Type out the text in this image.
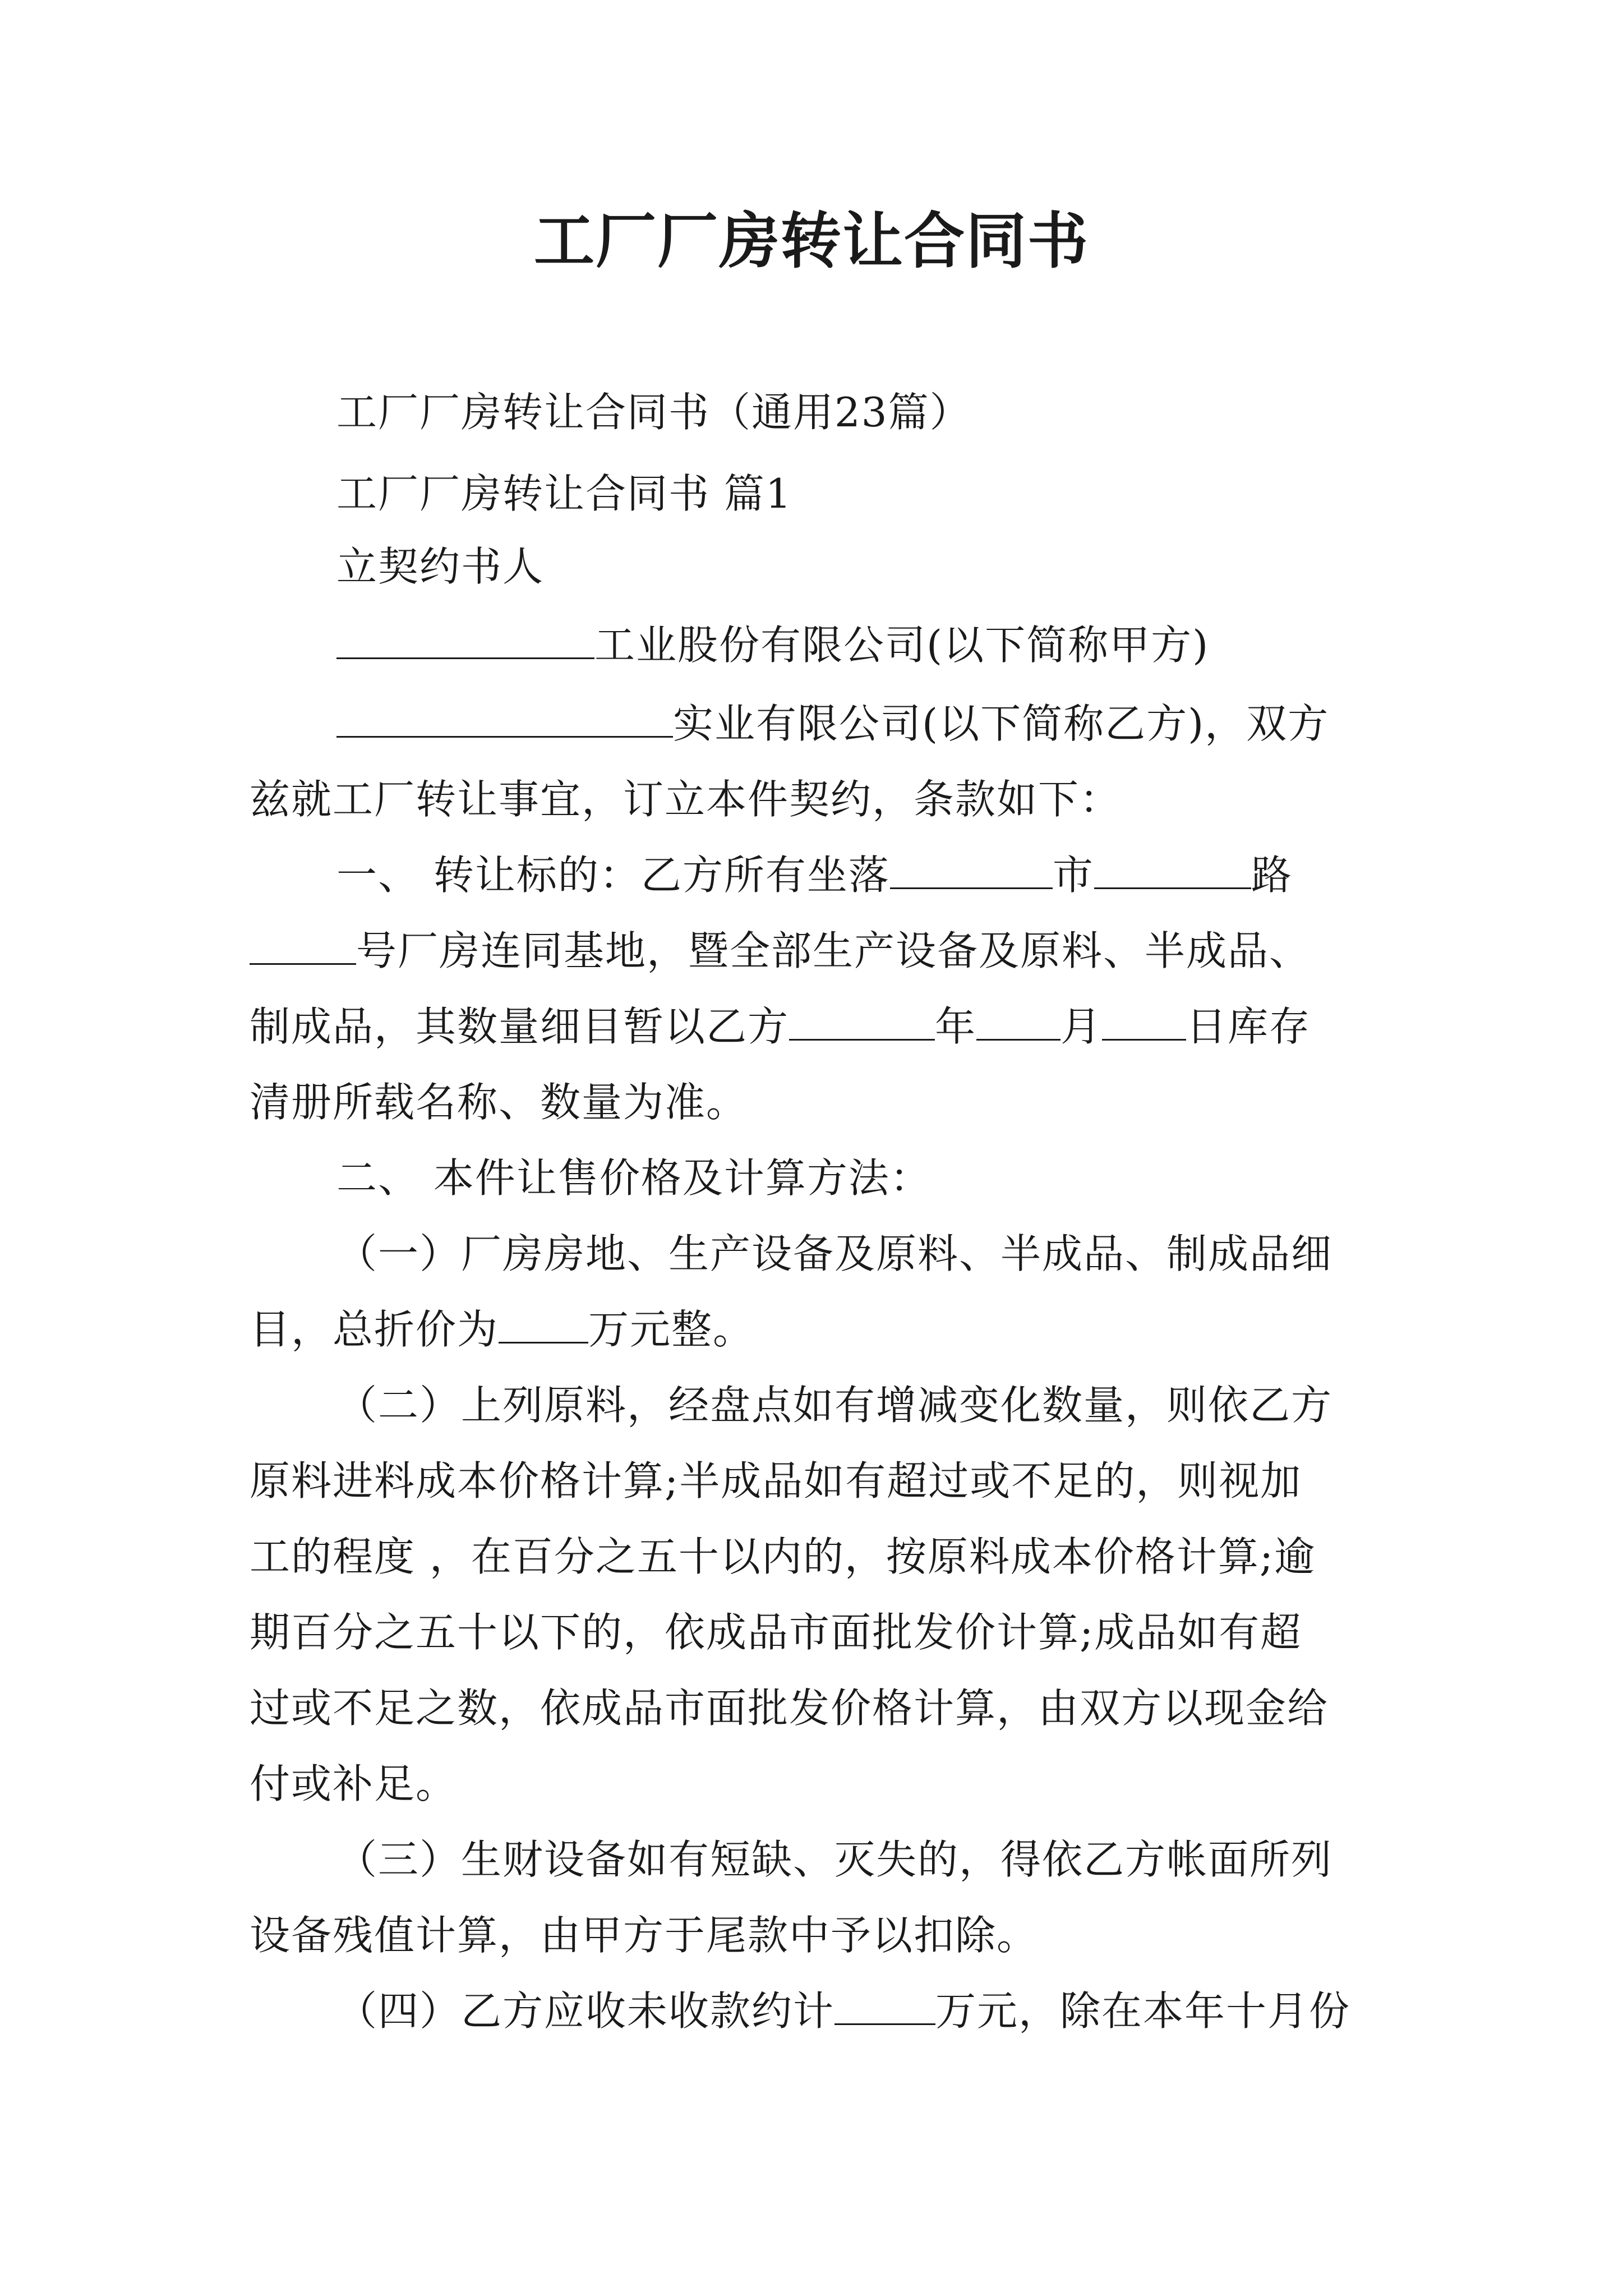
工厂厂房转让合同书
工厂厂房转让合同书（通用23篇）
工厂厂房转让合同书 篇1
立契约书人
工业股份有限公司(以下简称甲方)
实业有限公司(以下简称乙方)，双方
兹就工厂转让事宜，订立本件契约，条款如下：
一、 转让标的：乙方所有坐落	市	路
号厂房连同基地，暨全部生产设备及原料、半成品、
制成品，其数量细目暂以乙方	年 月 日库存
清册所载名称、数量为准。
二、 本件让售价格及计算方法：
（一）厂房房地、生产设备及原料、半成品、制成品细
目，总折价为 万元整。
（二）上列原料，经盘点如有增减变化数量，则依乙方
原料进料成本价格计算;半成品如有超过或不足的，则视加
工的程度 ，在百分之五十以内的，按原料成本价格计算;逾
期百分之五十以下的，依成品市面批发价计算;成品如有超
过或不足之数，依成品市面批发价格计算，由双方以现金给
付或补足。
（三）生财设备如有短缺、灭失的，得依乙方帐面所列
设备残值计算，由甲方于尾款中予以扣除。
（四）乙方应收未收款约计	万元，除在本年十月份
